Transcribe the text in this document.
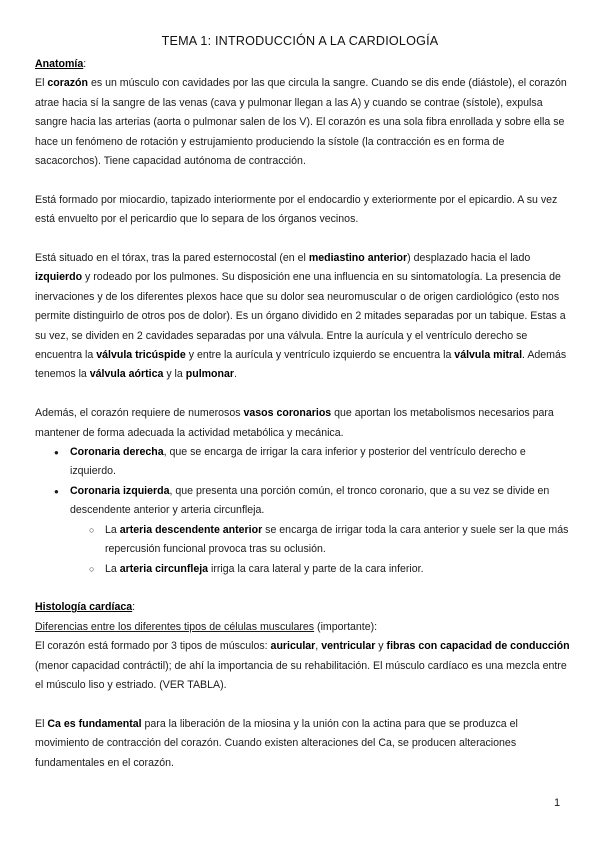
TEMA 1: INTRODUCCIÓN A LA CARDIOLOGÍA

Anatomía:

El corazón es un músculo con cavidades por las que circula la sangre. Cuando se dis ende (diástole), el corazón atrae hacia sí la sangre de las venas (cava y pulmonar llegan a las A) y cuando se contrae (sístole), expulsa sangre hacia las arterias (aorta o pulmonar salen de los V). El corazón es una sola fibra enrollada y sobre ella se hace un fenómeno de rotación y estrujamiento produciendo la sístole (la contracción es en forma de sacacorchos). Tiene capacidad autónoma de contracción.

Está formado por miocardio, tapizado interiormente por el endocardio y exteriormente por el epicardio. A su vez está envuelto por el pericardio que lo separa de los órganos vecinos.

Está situado en el tórax, tras la pared esternocostal (en el mediastino anterior) desplazado hacia el lado izquierdo y rodeado por los pulmones. Su disposición ene una influencia en su sintomatología. La presencia de inervaciones y de los diferentes plexos hace que su dolor sea neuromuscular o de origen cardiológico (esto nos permite distinguirlo de otros pos de dolor). Es un órgano dividido en 2 mitades separadas por un tabique. Estas a su vez, se dividen en 2 cavidades separadas por una válvula. Entre la aurícula y el ventrículo derecho se encuentra la válvula tricúspide y entre la aurícula y ventrículo izquierdo se encuentra la válvula mitral. Además tenemos la válvula aórtica y la pulmonar.

Además, el corazón requiere de numerosos vasos coronarios que aportan los metabolismos necesarios para mantener de forma adecuada la actividad metabólica y mecánica.

● Coronaria derecha, que se encarga de irrigar la cara inferior y posterior del ventrículo derecho e izquierdo.
● Coronaria izquierda, que presenta una porción común, el tronco coronario, que a su vez se divide en descendente anterior y arteria circunfleja.
○ La arteria descendente anterior se encarga de irrigar toda la cara anterior y suele ser la que más repercusión funcional provoca tras su oclusión.
○ La arteria circunfleja irriga la cara lateral y parte de la cara inferior.

Histología cardíaca:

Diferencias entre los diferentes tipos de células musculares (importante):

El corazón está formado por 3 tipos de músculos: auricular, ventricular y fibras con capacidad de conducción (menor capacidad contráctil); de ahí la importancia de su rehabilitación. El músculo cardíaco es una mezcla entre el músculo liso y estriado. (VER TABLA).

El Ca es fundamental para la liberación de la miosina y la unión con la actina para que se produzca el movimiento de contracción del corazón. Cuando existen alteraciones del Ca, se producen alteraciones fundamentales en el corazón.

1
